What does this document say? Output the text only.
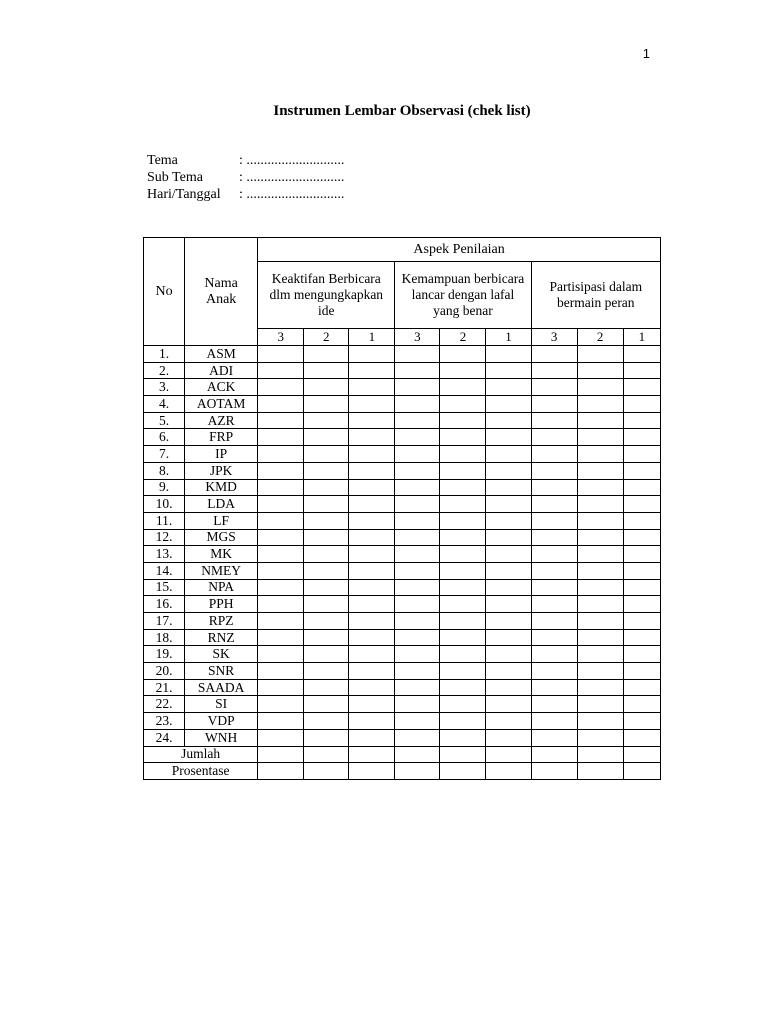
1
Instrumen Lembar Observasi (chek list)
Tema	: ............................
Sub Tema	: ............................
Hari/Tanggal	: ............................
No	Nama Anak	Aspek Penilaian								
		Keaktifan Berbicara dlm mengungkapkan ide			Kemampuan berbicara lancar dengan lafal yang benar			Partisipasi dalam bermain peran		
		3	2	1	3	2	1	3	2	1
1.	ASM									
2.	ADI									
3.	ACK									
4.	AOTAM									
5.	AZR									
6.	FRP									
7.	IP									
8.	JPK									
9.	KMD									
10.	LDA									
11.	LF									
12.	MGS									
13.	MK									
14.	NMEY									
15.	NPA									
16.	PPH									
17.	RPZ									
18.	RNZ									
19.	SK									
20.	SNR									
21.	SAADA									
22.	SI									
23.	VDP									
24.	WNH									
Jumlah										
Prosentase										
